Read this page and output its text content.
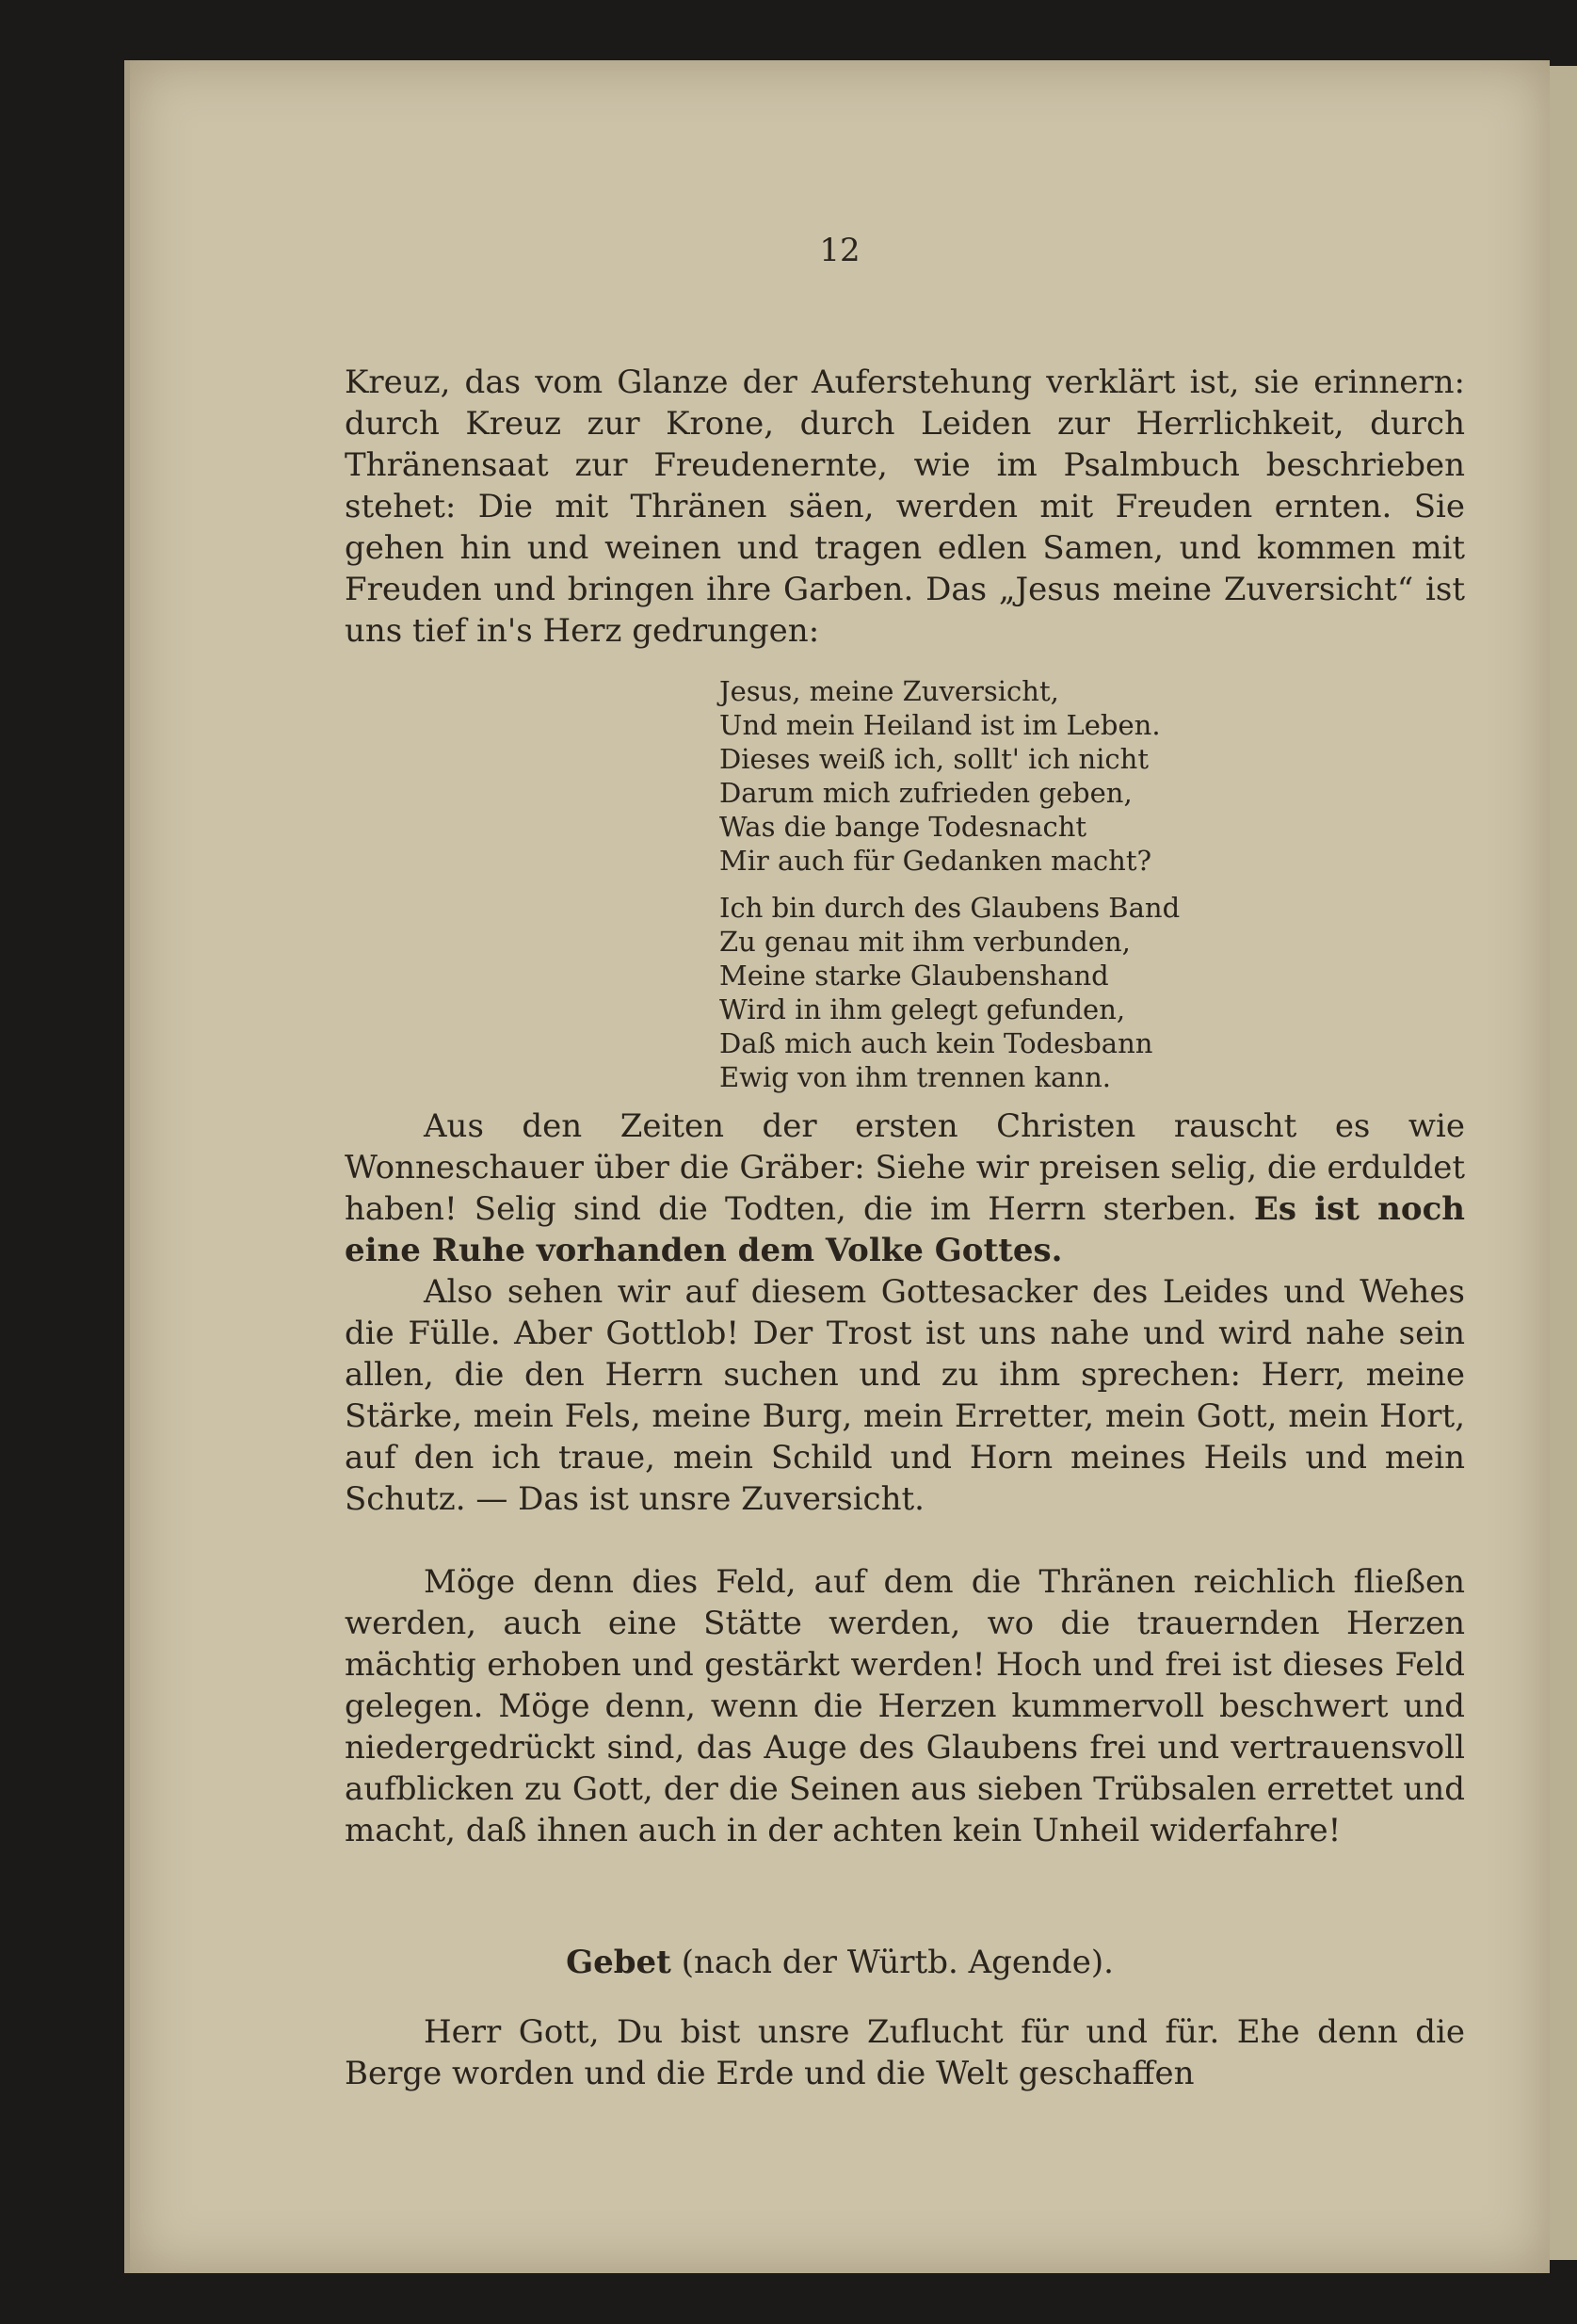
12

Kreuz, das vom Glanze der Auferstehung verklärt ist, sie erinnern: durch Kreuz zur Krone, durch Leiden zur Herrlichkeit, durch Thränensaat zur Freudenernte, wie im Psalmbuch beschrieben stehet: Die mit Thränen säen, werden mit Freuden ernten. Sie gehen hin und weinen und tragen edlen Samen, und kommen mit Freuden und bringen ihre Garben. Das „Jesus meine Zuversicht“ ist uns tief in's Herz gedrungen:

Jesus, meine Zuversicht,
Und mein Heiland ist im Leben.
Dieses weiß ich, sollt' ich nicht
Darum mich zufrieden geben,
Was die bange Todesnacht
Mir auch für Gedanken macht?
Ich bin durch des Glaubens Band
Zu genau mit ihm verbunden,
Meine starke Glaubenshand
Wird in ihm gelegt gefunden,
Daß mich auch kein Todesbann
Ewig von ihm trennen kann.

Aus den Zeiten der ersten Christen rauscht es wie Wonneschauer über die Gräber: Siehe wir preisen selig, die erduldet haben! Selig sind die Todten, die im Herrn sterben. Es ist noch eine Ruhe vorhanden dem Volke Gottes.

Also sehen wir auf diesem Gottesacker des Leides und Wehes die Fülle. Aber Gottlob! Der Trost ist uns nahe und wird nahe sein allen, die den Herrn suchen und zu ihm sprechen: Herr, meine Stärke, mein Fels, meine Burg, mein Erretter, mein Gott, mein Hort, auf den ich traue, mein Schild und Horn meines Heils und mein Schutz. — Das ist unsre Zuversicht.

Möge denn dies Feld, auf dem die Thränen reichlich fließen werden, auch eine Stätte werden, wo die trauernden Herzen mächtig erhoben und gestärkt werden! Hoch und frei ist dieses Feld gelegen. Möge denn, wenn die Herzen kummervoll beschwert und niedergedrückt sind, das Auge des Glaubens frei und vertrauensvoll aufblicken zu Gott, der die Seinen aus sieben Trübsalen errettet und macht, daß ihnen auch in der achten kein Unheil widerfahre!

Gebet (nach der Würtb. Agende).

Herr Gott, Du bist unsre Zuflucht für und für. Ehe denn die Berge worden und die Erde und die Welt geschaffen
